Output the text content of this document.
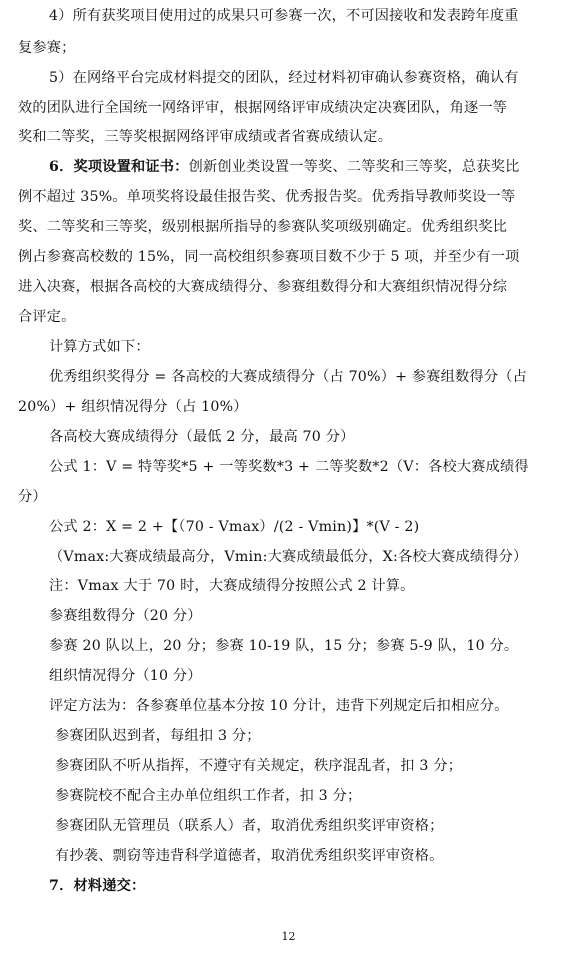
4）所有获奖项目使用过的成果只可参赛一次，不可因接收和发表跨年度重
复参赛；
5）在网络平台完成材料提交的团队，经过材料初审确认参赛资格，确认有
效的团队进行全国统一网络评审，根据网络评审成绩决定决赛团队，角逐一等
奖和二等奖，三等奖根据网络评审成绩或者省赛成绩认定。
6．奖项设置和证书：创新创业类设置一等奖、二等奖和三等奖，总获奖比
例不超过 35%。单项奖将设最佳报告奖、优秀报告奖。优秀指导教师奖设一等
奖、二等奖和三等奖，级别根据所指导的参赛队奖项级别确定。优秀组织奖比
例占参赛高校数的 15%，同一高校组织参赛项目数不少于 5 项，并至少有一项
进入决赛，根据各高校的大赛成绩得分、参赛组数得分和大赛组织情况得分综
合评定。
计算方式如下：
优秀组织奖得分 = 各高校的大赛成绩得分（占 70%）+ 参赛组数得分（占
20%）+ 组织情况得分（占 10%）
各高校大赛成绩得分（最低 2 分，最高 70 分）
公式 1：V = 特等奖*5 + 一等奖数*3 + 二等奖数*2（V：各校大赛成绩得
分）
公式 2：X = 2 +【（70 - Vmax）/(2 - Vmin)】*(V - 2)
（Vmax:大赛成绩最高分，Vmin:大赛成绩最低分，X:各校大赛成绩得分）
注：Vmax 大于 70 时，大赛成绩得分按照公式 2 计算。
参赛组数得分（20 分）
参赛 20 队以上，20 分；参赛 10-19 队，15 分；参赛 5-9 队，10 分。
组织情况得分（10 分）
评定方法为：各参赛单位基本分按 10 分计，违背下列规定后扣相应分。
参赛团队迟到者，每组扣 3 分；
参赛团队不听从指挥，不遵守有关规定，秩序混乱者，扣 3 分；
参赛院校不配合主办单位组织工作者，扣 3 分；
参赛团队无管理员（联系人）者，取消优秀组织奖评审资格；
有抄袭、剽窃等违背科学道德者，取消优秀组织奖评审资格。
7．材料递交：
12
